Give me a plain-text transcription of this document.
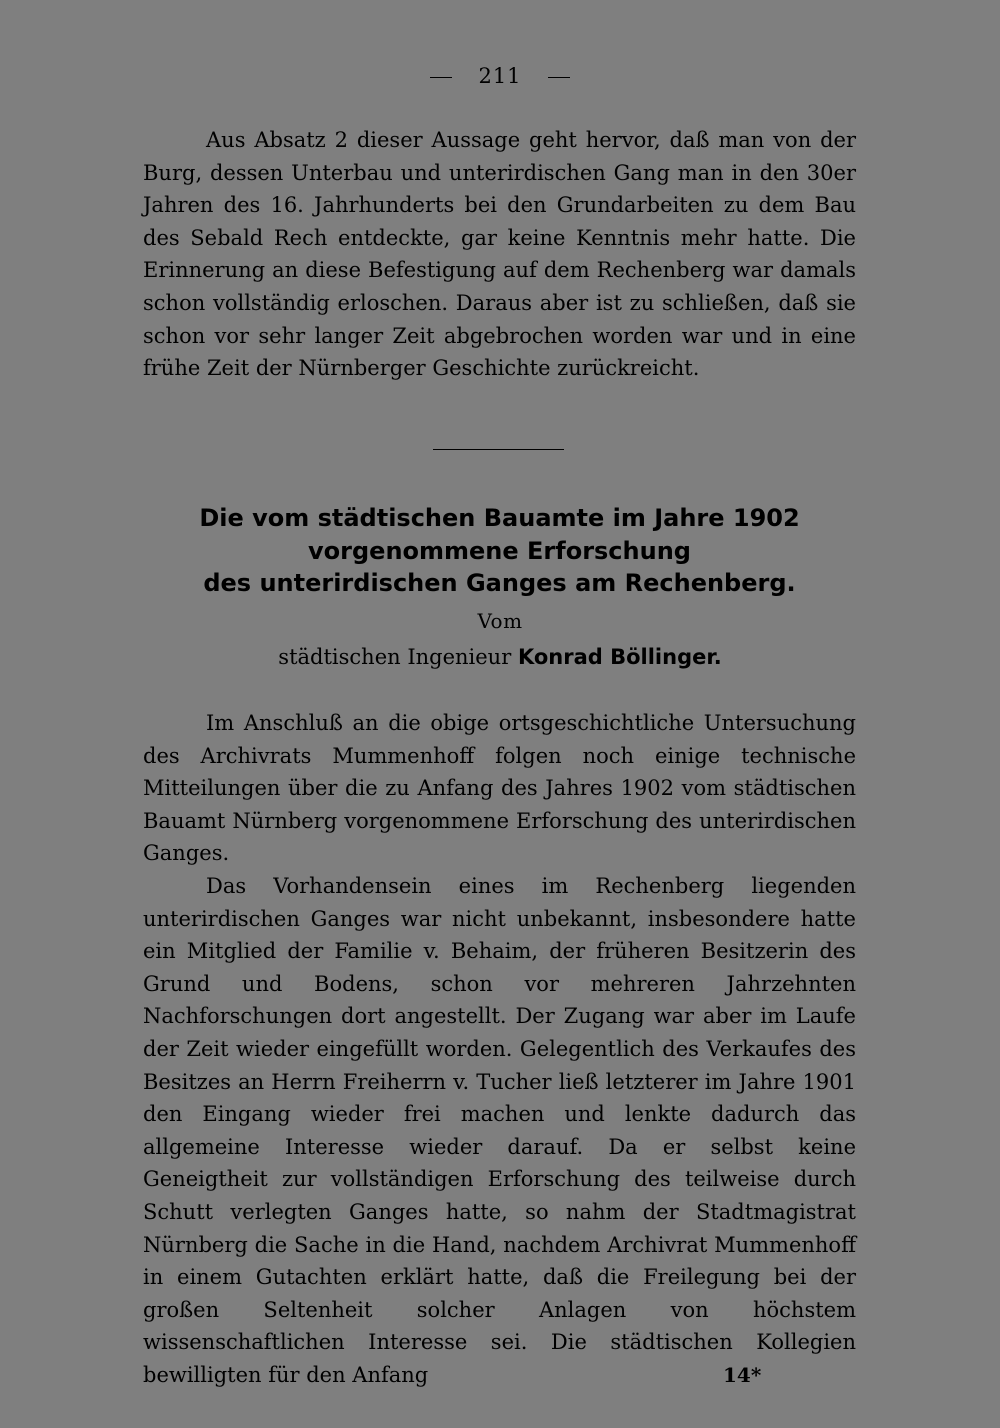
211
Aus Absatz 2 dieser Aussage geht hervor, daß man von der Burg, dessen Unterbau und unterirdischen Gang man in den 30er Jahren des 16. Jahrhunderts bei den Grundarbeiten zu dem Bau des Sebald Rech entdeckte, gar keine Kenntnis mehr hatte. Die Erinnerung an diese Befestigung auf dem Rechenberg war damals schon vollständig erloschen. Daraus aber ist zu schließen, daß sie schon vor sehr langer Zeit abgebrochen worden war und in eine frühe Zeit der Nürnberger Geschichte zurückreicht.
Die vom städtischen Bauamte im Jahre 1902
vorgenommene Erforschung
des unterirdischen Ganges am Rechenberg.
Vom
städtischen Ingenieur Konrad Böllinger.
Im Anschluß an die obige ortsgeschichtliche Untersuchung des Archivrats Mummenhoff folgen noch einige technische Mitteilungen über die zu Anfang des Jahres 1902 vom städtischen Bauamt Nürnberg vorgenommene Erforschung des unterirdischen Ganges.
Das Vorhandensein eines im Rechenberg liegenden unterirdischen Ganges war nicht unbekannt, insbesondere hatte ein Mitglied der Familie v. Behaim, der früheren Besitzerin des Grund und Bodens, schon vor mehreren Jahrzehnten Nachforschungen dort angestellt. Der Zugang war aber im Laufe der Zeit wieder eingefüllt worden. Gelegentlich des Verkaufes des Besitzes an Herrn Freiherrn v. Tucher ließ letzterer im Jahre 1901 den Eingang wieder frei machen und lenkte dadurch das allgemeine Interesse wieder darauf. Da er selbst keine Geneigtheit zur vollständigen Erforschung des teilweise durch Schutt verlegten Ganges hatte, so nahm der Stadtmagistrat Nürnberg die Sache in die Hand, nachdem Archivrat Mummenhoff in einem Gutachten erklärt hatte, daß die Freilegung bei der großen Seltenheit solcher Anlagen von höchstem wissenschaftlichen Interesse sei. Die städtischen Kollegien bewilligten für den Anfang	14*
